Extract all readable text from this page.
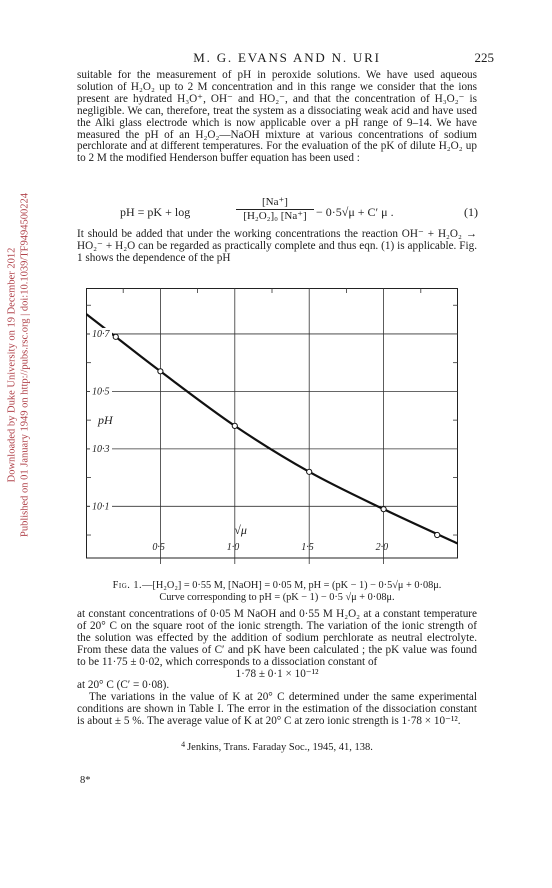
Downloaded by Duke University on 19 December 2012 Published on 01 January 1949 on http://pubs.rsc.org | doi:10.1039/TF9494500224
M. G. EVANS AND N. URI	225

suitable for the measurement of pH in peroxide solutions. We have used aqueous solution of H₂O₂ up to 2 M concentration and in this range we consider that the ions present are hydrated H₃O⁺, OH⁻ and HO₂⁻, and that the concentration of H₃O₂⁻ is negligible. We can, therefore, treat the system as a dissociating weak acid and have used the Alki glass electrode which is now applicable over a pH range of 9–14. We have measured the pH of an H₂O₂—NaOH mixture at various concentrations of sodium perchlorate and at different temperatures. For the evaluation of the pK of dilute H₂O₂ up to 2 M the modified Henderson buffer equation has been used :

pH = pK + log	$\frac{[Na^+]}{\text{[H₂O₂]₀ [Na⁺]}} - 0\cdot 5√\mu + C'$ μ .	(1)

It should be added that under the working concentrations the reaction OH⁻ + H₂O₂ → HO₂⁻ + H₂O can be regarded as practically complete and thus eqn. (1) is applicable. Fig. 1 shows the dependence of the pH

10·7
10·5
10·3
10·1
0·5	1·0	1·5	2·0
pH
√μ
Fig. 1.—[H₂O₂] = 0·55 M, [NaOH] = 0·05 M, pH = (pK − 1) − 0·5√μ + 0·08μ.
Curve corresponding to pH = (pK − 1) − 0·5 √μ + 0·08μ.

at constant concentrations of 0·05 M NaOH and 0·55 M H₂O₂ at a constant temperature of 20° C on the square root of the ionic strength. The variation of the ionic strength of the solution was effected by the addition of sodium perchlorate as neutral electrolyte. From these data the values of C′ and pK have been calculated ; the pK value was found to be 11·75 ± 0·02, which corresponds to a dissociation constant of

1·78 ± 0·1 × 10⁻¹²

at 20° C (C′ = 0·08).

The variations in the value of K at 20° C determined under the same experimental conditions are shown in Table I. The error in the estimation of the dissociation constant is about ± 5 %. The average value of K at 20° C at zero ionic strength is 1·78 × 10⁻¹².

$^4$ Jenkins, Trans. Faraday Soc., 1945, 41, 138.
8*
